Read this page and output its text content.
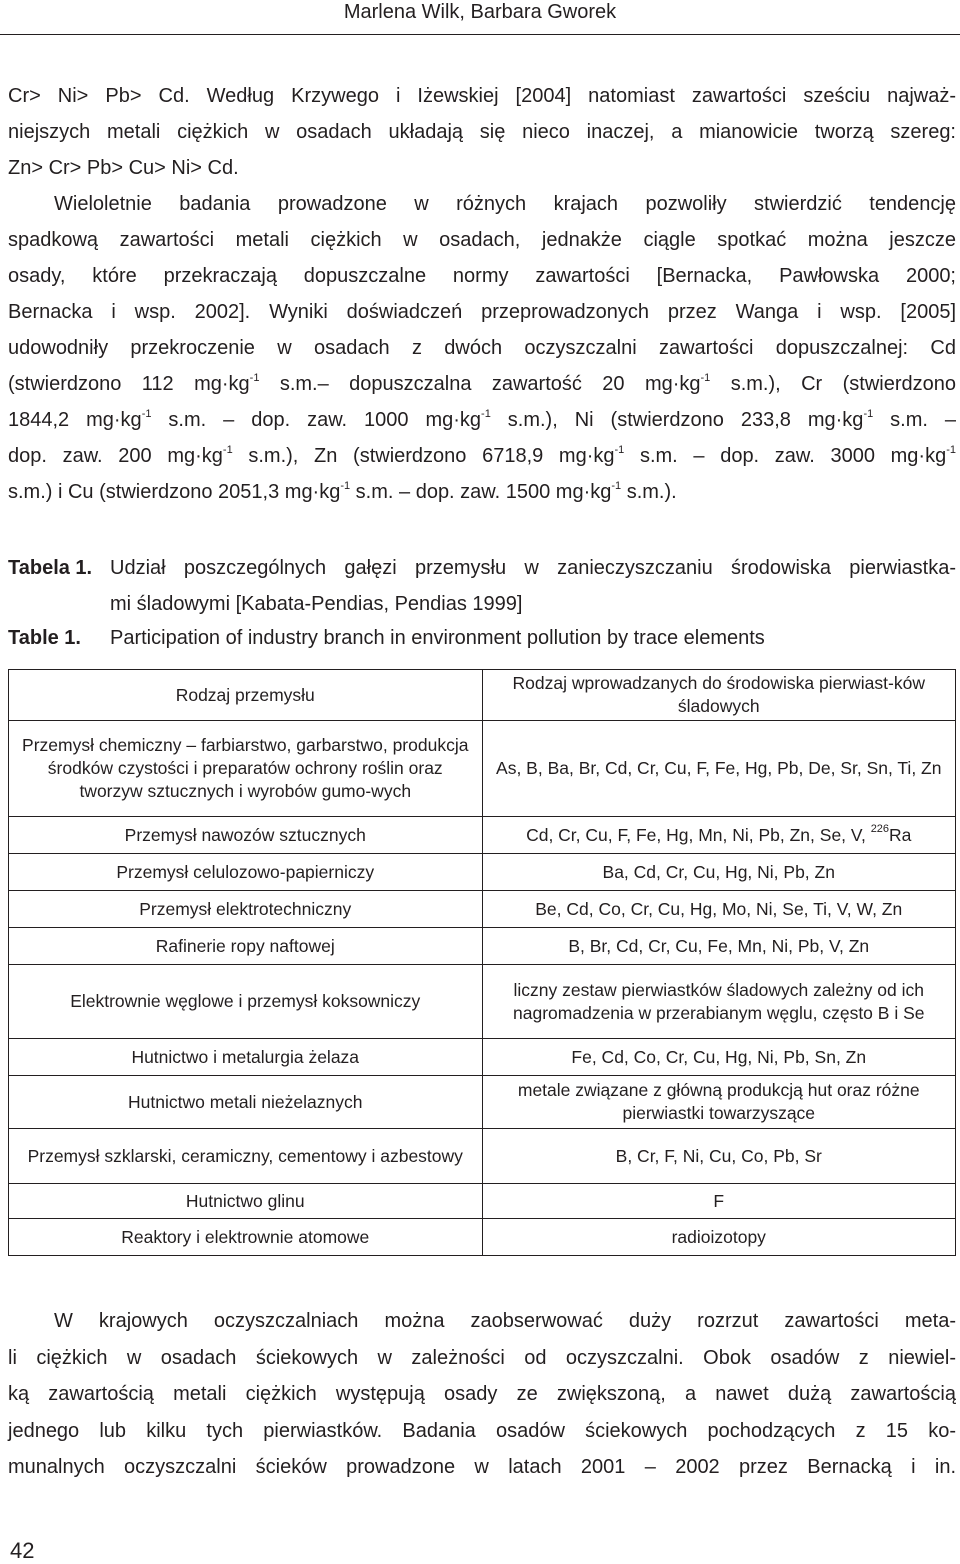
Marlena Wilk, Barbara Gworek
Cr> Ni> Pb> Cd. Według Krzywego i Iżewskiej [2004] natomiast zawartości sześciu najważ-
niejszych metali ciężkich w osadach układają się nieco inaczej, a mianowicie tworzą szereg:
Zn> Cr> Pb> Cu> Ni> Cd.
Wieloletnie badania prowadzone w różnych krajach pozwoliły stwierdzić tendencję
spadkową zawartości metali ciężkich w osadach, jednakże ciągle spotkać można jeszcze
osady, które przekraczają dopuszczalne normy zawartości [Bernacka, Pawłowska 2000;
Bernacka i wsp. 2002]. Wyniki doświadczeń przeprowadzonych przez Wanga i wsp. [2005]
udowodniły przekroczenie w osadach z dwóch oczyszczalni zawartości dopuszczalnej: Cd
(stwierdzono 112 $mg\cdot kg^{-1}$ s.m.– dopuszczalna zawartość 20 $mg\cdot kg^{-1}$ s.m.), Cr (stwierdzono
1844,2 $mg\cdot kg^{-1}$ s.m. – dop. zaw. 1000 $mg\cdot kg^{-1}$ s.m.), Ni (stwierdzono 233,8 $mg\cdot kg^{-1}$ s.m. –
dop. zaw. 200 $mg\cdot kg^{-1}$ s.m.), Zn (stwierdzono 6718,9 $mg\cdot kg^{-1}$ s.m. – dop. zaw. 3000 $mg\cdot kg^{-1}$
s.m.) i Cu (stwierdzono 2051,3 $mg\cdot kg^{-1}$ s.m. – dop. zaw. 1500 $mg\cdot kg^{-1}$ s.m.).
Tabela 1. Udział poszczególnych gałęzi przemysłu w zanieczyszczaniu środowiska pierwiastka-
mi śladowymi [Kabata-Pendias, Pendias 1999]
Table 1.	Participation of industry branch in environment pollution by trace elements
Rodzaj przemysłu	Rodzaj wprowadzanych do środowiska pierwiast-ków śladowych
Przemysł chemiczny – farbiarstwo, garbarstwo, produkcja środków czystości i preparatów ochrony roślin oraz tworzyw sztucznych i wyrobów gumo-wych	As, B, Ba, Br, Cd, Cr, Cu, F, Fe, Hg, Pb, De, Sr, Sn, Ti, Zn
Przemysł nawozów sztucznych	Cd, Cr, Cu, F, Fe, Hg, Mn, Ni, Pb, Zn, Se, V, $^{226}$Ra
Przemysł celulozowo-papierniczy	Ba, Cd, Cr, Cu, Hg, Ni, Pb, Zn
Przemysł elektrotechniczny	Be, Cd, Co, Cr, Cu, Hg, Mo, Ni, Se, Ti, V, W, Zn
Rafinerie ropy naftowej	B, Br, Cd, Cr, Cu, Fe, Mn, Ni, Pb, V, Zn
Elektrownie węglowe i przemysł koksowniczy	liczny zestaw pierwiastków śladowych zależny od ich nagromadzenia w przerabianym węglu, często B i Se
Hutnictwo i metalurgia żelaza	Fe, Cd, Co, Cr, Cu, Hg, Ni, Pb, Sn, Zn
Hutnictwo metali nieżelaznych	metale związane z główną produkcją hut oraz różne pierwiastki towarzyszące
Przemysł szklarski, ceramiczny, cementowy i azbestowy	B, Cr, F, Ni, Cu, Co, Pb, Sr
Hutnictwo glinu	F
Reaktory i elektrownie atomowe	radioizotopy
W krajowych oczyszczalniach można zaobserwować duży rozrzut zawartości meta-
li ciężkich w osadach ściekowych w zależności od oczyszczalni. Obok osadów z niewiel-
ką zawartością metali ciężkich występują osady ze zwiększoną, a nawet dużą zawartością
jednego lub kilku tych pierwiastków. Badania osadów ściekowych pochodzących z 15 ko-
munalnych oczyszczalni ścieków prowadzone w latach 2001 – 2002 przez Bernacką i in.
42
